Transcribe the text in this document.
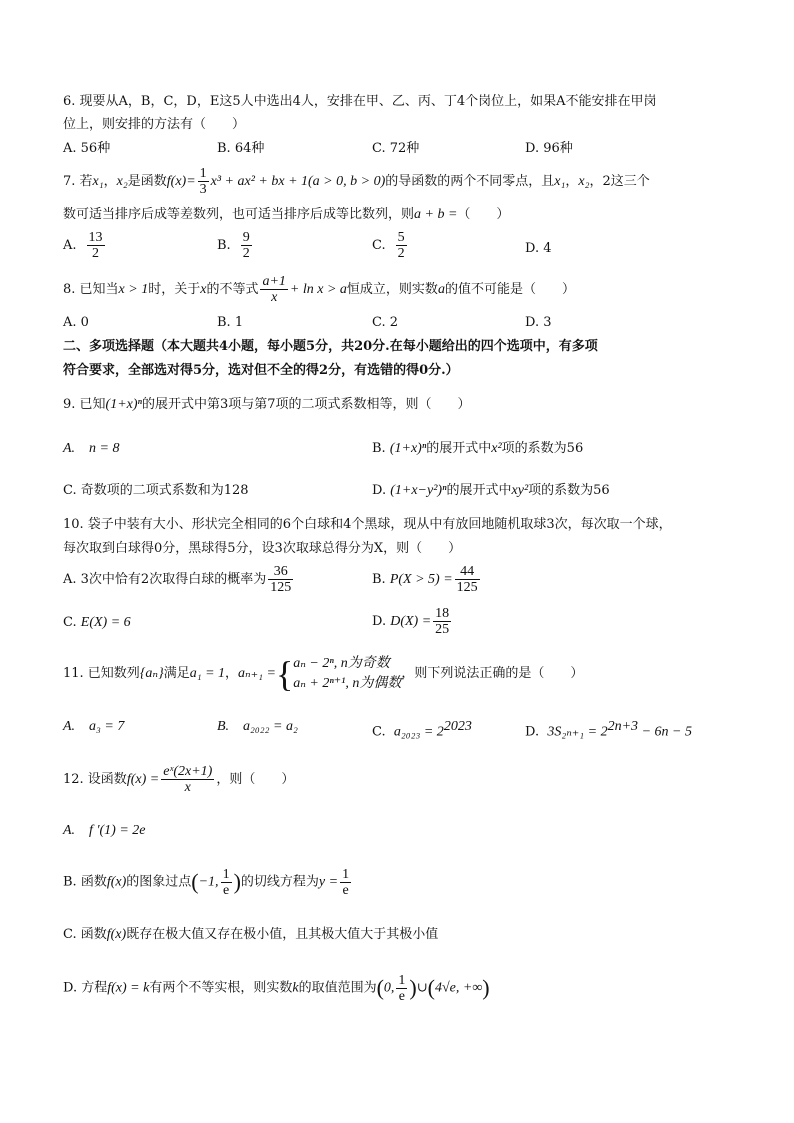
6. 现要从A，B，C，D，E这5人中选出4人，安排在甲、乙、丙、丁4个岗位上，如果A不能安排在甲岗
位上，则安排的方法有（　　）
A. 56种	B. 64种	C. 72种	D. 96种
7. 若x₁，x₂是函数$f(x)= \frac{1}{3} x^3 + ax^2$ + bx + 1(a > 0, b > 0)的导函数的两个不同零点，且x₁，x₂，2这三个
数可适当排序后成等差数列，也可适当排序后成等比数列，则a + b =（　　）
A. $\frac{13}{2}$	B. $\frac{9}{2}$	C. $\frac{5}{2}$	D. 4
8. 已知当x > 1时，关于x的不等式 $\frac{a+1}{x} + \ln x > a$恒成立，则实数a的值不可能是（　　）
A. 0	B. 1	C. 2	D. 3
二、多项选择题（本大题共4小题，每小题5分，共20分.在每小题给出的四个选项中，有多项
符合要求，全部选对得5分，选对但不全的得2分，有选错的得0分.）
9. 已知(1+x)ⁿ的展开式中第3项与第7项的二项式系数相等，则（　　）
A.　n = 8	B. (1+x)ⁿ的展开式中x²项的系数为56
C. 奇数项的二项式系数和为128	D. (1+x−y²)ⁿ的展开式中xy²项的系数为56
10. 袋子中装有大小、形状完全相同的6个白球和4个黑球，现从中有放回地随机取球3次，每次取一个球，
每次取到白球得0分，黑球得5分，设3次取球总得分为X，则（　　）
A. 3次中恰有2次取得白球的概率为 $\frac{36}{125}$	B. $P(X > 5) = \frac{44}{125}$
C. E(X) = 6	D. $D(X) = \frac{18}{25}$
11. 已知数列{aₙ}满足a₁ = 1，aₙ₊₁ ={ aₙ − 2ⁿ, n为奇数
aₙ + 2ⁿ⁺¹, n为偶数
，则下列说法正确的是（　　）
A.　a₃ = 7	B.　a₂₀₂₂ = a₂	C. $a_{2023} = 2^{2023}$	D. $3S_{2n+1} = 2^{2n+3} - 6n - 5$
12. 设函数$f(x) = \frac{\text{eˣ(2x+1)}}{x}$ ，则（　　）
A.　f ′(1) = 2e
B. 函数f(x)的图象过点(−1, $\frac{1}{e}$ )的切线方程为$y = \frac{1}{e}$
C. 函数f(x)既存在极大值又存在极小值，且其极大值大于其极小值
D. 方程f(x) = k有两个不等实根，则实数k的取值范围为(0, $\frac{1}{e}$ )∪(4√e, +∞)
